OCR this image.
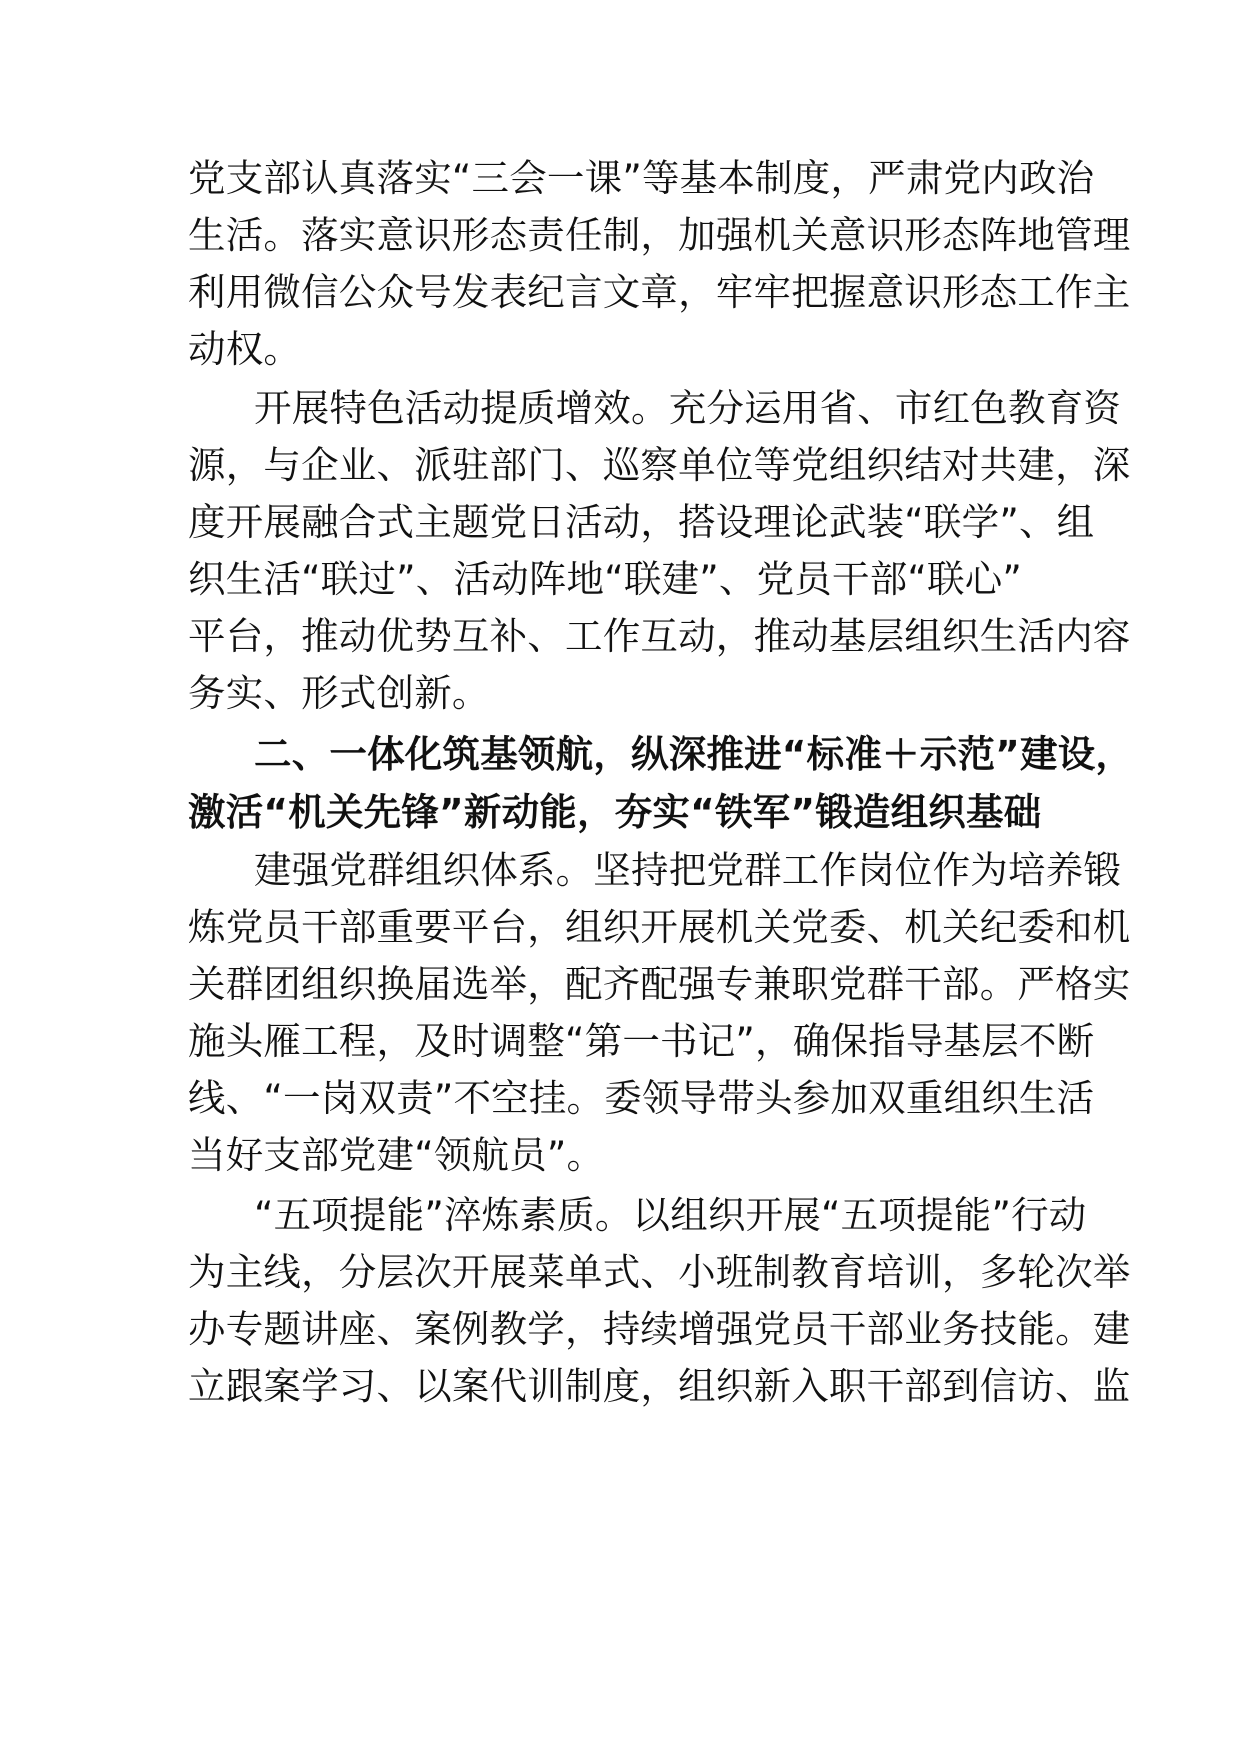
党支部认真落实“三会一课”等基本制度，严肃党内政治
生活。落实意识形态责任制，加强机关意识形态阵地管理
利用微信公众号发表纪言文章，牢牢把握意识形态工作主
动权。
开展特色活动提质增效。充分运用省、市红色教育资
源，与企业、派驻部门、巡察单位等党组织结对共建，深
度开展融合式主题党日活动，搭设理论武装“联学”、组
织生活“联过”、活动阵地“联建”、党员干部“联心”
平台，推动优势互补、工作互动，推动基层组织生活内容
务实、形式创新。
二、一体化筑基领航，纵深推进“标准＋示范”建设，
激活“机关先锋”新动能，夯实“铁军”锻造组织基础
建强党群组织体系。坚持把党群工作岗位作为培养锻
炼党员干部重要平台，组织开展机关党委、机关纪委和机
关群团组织换届选举，配齐配强专兼职党群干部。严格实
施头雁工程，及时调整“第一书记”，确保指导基层不断
线、“一岗双责”不空挂。委领导带头参加双重组织生活
当好支部党建“领航员”。
“五项提能”淬炼素质。以组织开展“五项提能”行动
为主线，分层次开展菜单式、小班制教育培训，多轮次举
办专题讲座、案例教学，持续增强党员干部业务技能。建
立跟案学习、以案代训制度，组织新入职干部到信访、监
